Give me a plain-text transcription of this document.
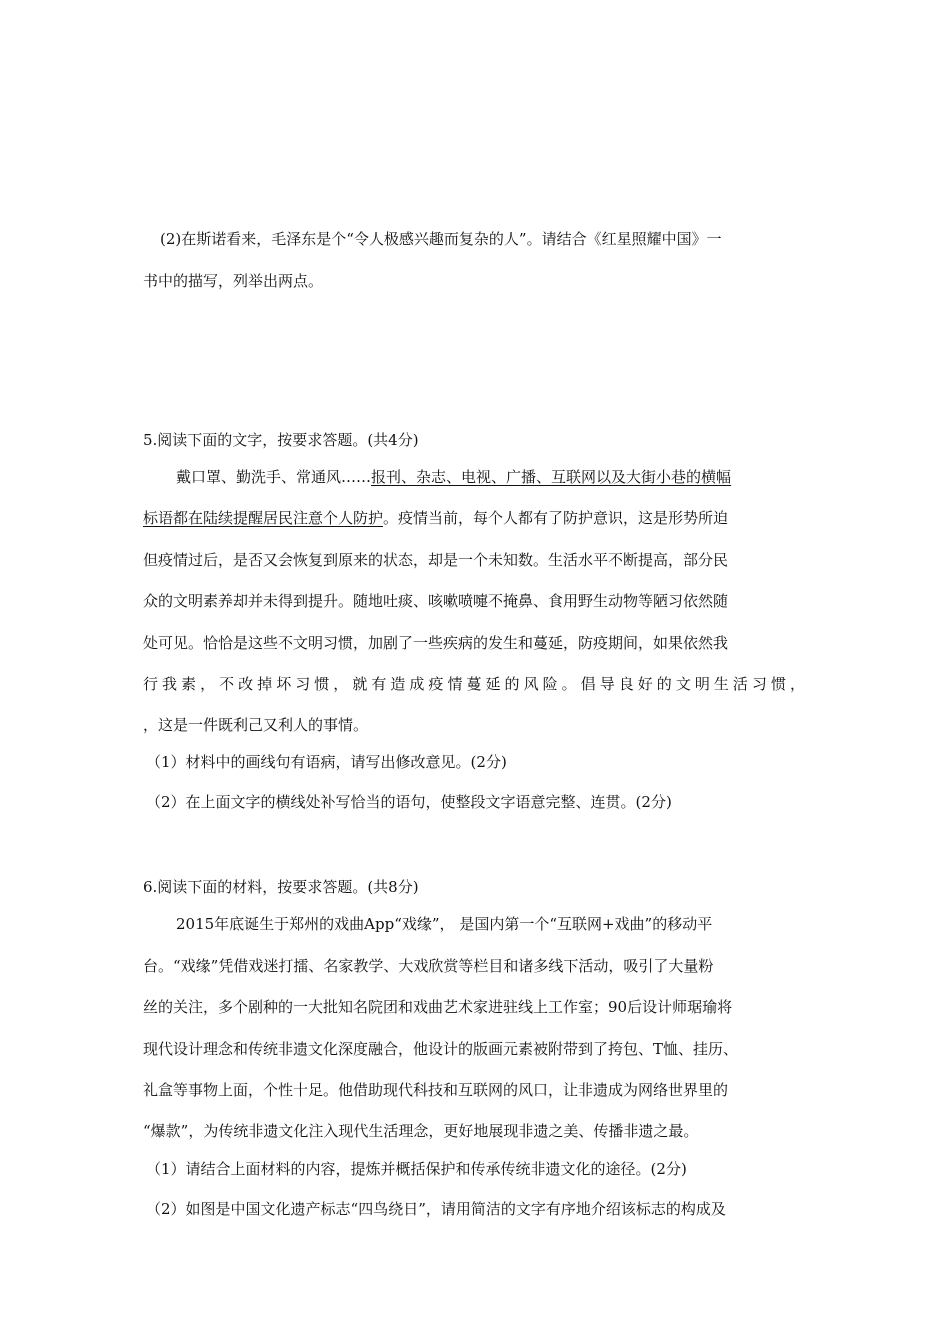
(2)在斯诺看来，毛泽东是个“令人极感兴趣而复杂的人”。请结合《红星照耀中国》一
书中的描写，列举出两点。
5.阅读下面的文字，按要求答题。(共4分)
戴口罩、勤洗手、常通风……报刊、杂志、电视、广播、互联网以及大街小巷的横幅
标语都在陆续提醒居民注意个人防护。疫情当前，每个人都有了防护意识，这是形势所迫
但疫情过后，是否又会恢复到原来的状态，却是一个未知数。生活水平不断提高，部分民
众的文明素养却并未得到提升。随地吐痰、咳嗽喷嚏不掩鼻、食用野生动物等陋习依然随
处可见。恰恰是这些不文明习惯，加剧了一些疾病的发生和蔓延，防疫期间，如果依然我
行我素，不改掉坏习惯，就有造成疫情蔓延的风险。倡导良好的文明生活习惯，
，这是一件既利己又利人的事情。
（1）材料中的画线句有语病，请写出修改意见。(2分)
（2）在上面文字的横线处补写恰当的语句，使整段文字语意完整、连贯。(2分)
6.阅读下面的材料，按要求答题。(共8分)
2015年底诞生于郑州的戏曲App“戏缘”， 是国内第一个“互联网+戏曲”的移动平
台。“戏缘”凭借戏迷打擂、名家教学、大戏欣赏等栏目和诸多线下活动，吸引了大量粉
丝的关注，多个剧种的一大批知名院团和戏曲艺术家进驻线上工作室；90后设计师琚瑜将
现代设计理念和传统非遗文化深度融合，他设计的版画元素被附带到了挎包、T恤、挂历、
礼盒等事物上面，个性十足。他借助现代科技和互联网的风口，让非遗成为网络世界里的
“爆款”，为传统非遗文化注入现代生活理念，更好地展现非遗之美、传播非遗之最。
（1）请结合上面材料的内容，提炼并概括保护和传承传统非遗文化的途径。(2分)
（2）如图是中国文化遗产标志“四鸟绕日”，请用简洁的文字有序地介绍该标志的构成及
